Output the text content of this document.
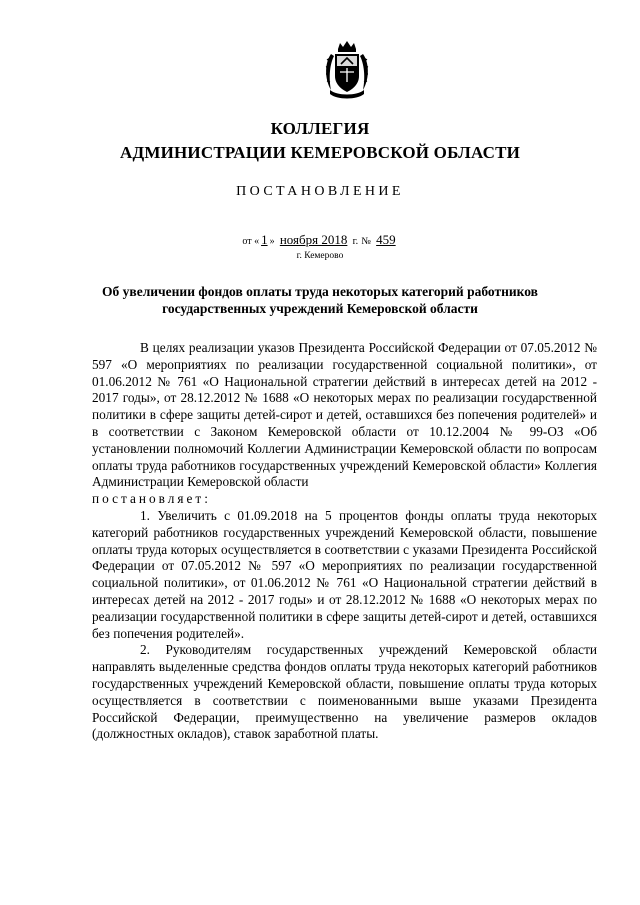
КОЛЛЕГИЯ

АДМИНИСТРАЦИИ КЕМЕРОВСКОЙ ОБЛАСТИ

ПОСТАНОВЛЕНИЕ

от « 1 » ноября 2018 г. № 459
г. Кемерово
Об увеличении фондов оплаты труда некоторых категорий работников
государственных учреждений Кемеровской области

В целях реализации указов Президента Российской Федерации от 07.05.2012 № 597 «О мероприятиях по реализации государственной социальной политики», от 01.06.2012 № 761 «О Национальной стратегии действий в интересах детей на 2012 - 2017 годы», от 28.12.2012 № 1688 «О некоторых мерах по реализации государственной политики в сфере защиты детей-сирот и детей, оставшихся без попечения родителей» и в соответствии с Законом Кемеровской области от 10.12.2004 № 99-ОЗ «Об установлении полномочий Коллегии Администрации Кемеровской области по вопросам оплаты труда работников государственных учреждений Кемеровской области» Коллегия Администрации Кемеровской области

постановляет:

1. Увеличить с 01.09.2018 на 5 процентов фонды оплаты труда некоторых категорий работников государственных учреждений Кемеровской области, повышение оплаты труда которых осуществляется в соответствии с указами Президента Российской Федерации от 07.05.2012 № 597 «О мероприятиях по реализации государственной социальной политики», от 01.06.2012 № 761 «О Национальной стратегии действий в интересах детей на 2012 - 2017 годы» и от 28.12.2012 № 1688 «О некоторых мерах по реализации государственной политики в сфере защиты детей-сирот и детей, оставшихся без попечения родителей».

2. Руководителям государственных учреждений Кемеровской области направлять выделенные средства фондов оплаты труда некоторых категорий работников государственных учреждений Кемеровской области, повышение оплаты труда которых осуществляется в соответствии с поименованными выше указами Президента Российской Федерации, преимущественно на увеличение размеров окладов (должностных окладов), ставок заработной платы.
